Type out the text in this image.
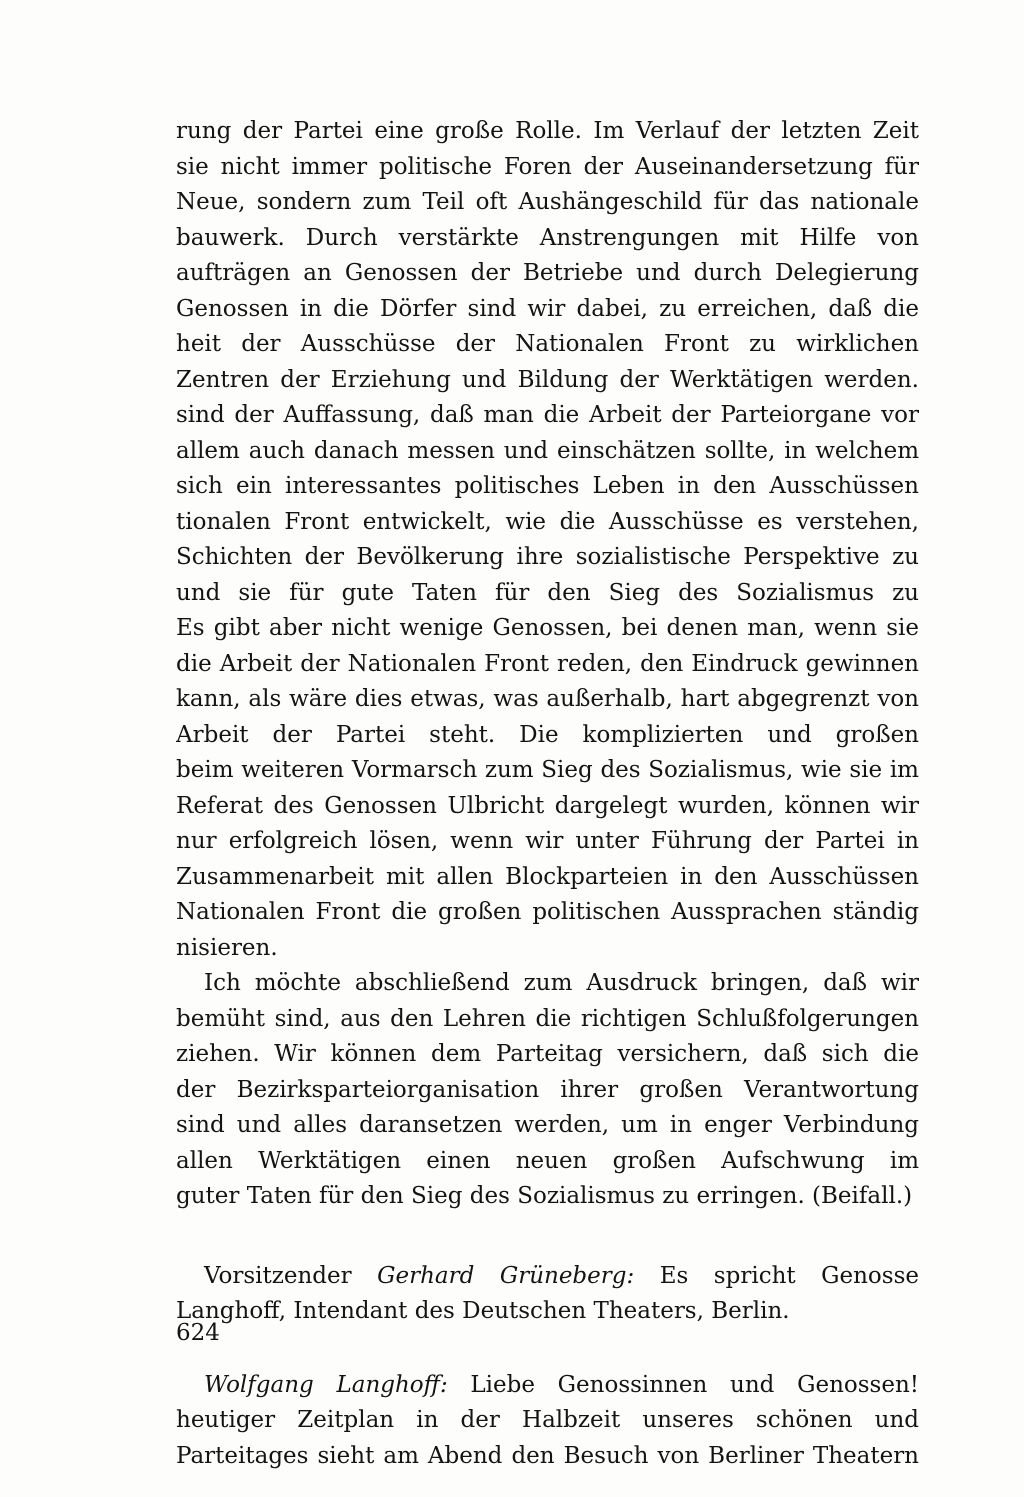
rung der Partei eine große Rolle. Im Verlauf der letzten Zeit
sie nicht immer politische Foren der Auseinandersetzung für
Neue, sondern zum Teil oft Aushängeschild für das nationale
bauwerk. Durch verstärkte Anstrengungen mit Hilfe von
aufträgen an Genossen der Betriebe und durch Delegierung
Genossen in die Dörfer sind wir dabei, zu erreichen, daß die
heit der Ausschüsse der Nationalen Front zu wirklichen
Zentren der Erziehung und Bildung der Werktätigen werden.
sind der Auffassung, daß man die Arbeit der Parteiorgane vor
allem auch danach messen und einschätzen sollte, in welchem
sich ein interessantes politisches Leben in den Ausschüssen
tionalen Front entwickelt, wie die Ausschüsse es verstehen,
Schichten der Bevölkerung ihre sozialistische Perspektive zu
und sie für gute Taten für den Sieg des Sozialismus zu
Es gibt aber nicht wenige Genossen, bei denen man, wenn sie
die Arbeit der Nationalen Front reden, den Eindruck gewinnen
kann, als wäre dies etwas, was außerhalb, hart abgegrenzt von
Arbeit der Partei steht. Die komplizierten und großen
beim weiteren Vormarsch zum Sieg des Sozialismus, wie sie im
Referat des Genossen Ulbricht dargelegt wurden, können wir
nur erfolgreich lösen, wenn wir unter Führung der Partei in
Zusammenarbeit mit allen Blockparteien in den Ausschüssen
Nationalen Front die großen politischen Aussprachen ständig
nisieren.
Ich möchte abschließend zum Ausdruck bringen, daß wir
bemüht sind, aus den Lehren die richtigen Schlußfolgerungen
ziehen. Wir können dem Parteitag versichern, daß sich die
der Bezirksparteiorganisation ihrer großen Verantwortung
sind und alles daransetzen werden, um in enger Verbindung
allen Werktätigen einen neuen großen Aufschwung im
guter Taten für den Sieg des Sozialismus zu erringen. (Beifall.)
Vorsitzender Gerhard Grüneberg: Es spricht Genosse
Langhoff, Intendant des Deutschen Theaters, Berlin.
Wolfgang Langhoff: Liebe Genossinnen und Genossen!
heutiger Zeitplan in der Halbzeit unseres schönen und
Parteitages sieht am Abend den Besuch von Berliner Theatern
624
